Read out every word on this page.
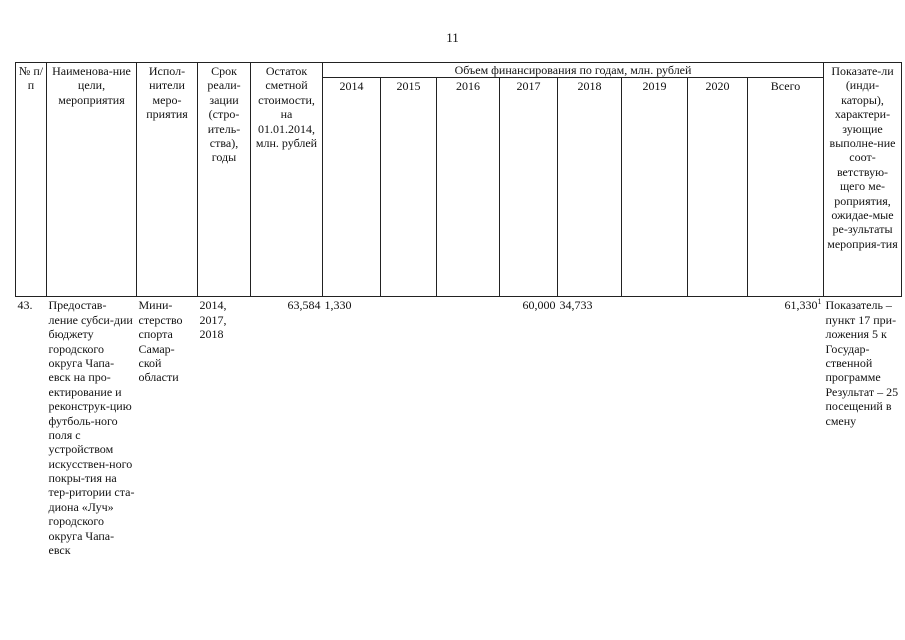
11
№ п/п	Наименова-ние цели, мероприятия	Испол-нители меро-приятия	Срок реали-зации (стро-итель-ства), годы	Остаток сметной стоимости, на 01.01.2014, млн. рублей	Объем финансирования по годам, млн. рублей								Показате-ли (инди-каторы), характери-зующие выполне-ние соот-ветствую-щего ме-роприятия, ожидае-мые ре-зультаты мероприя-тия
					2014	2015	2016	2017	2018	2019	2020	Всего	
43.	Предостав-ление субси-дии бюджету городского округа Чапа-евск на про-ектирование и реконструк-цию футболь-ного поля с устройством искусствен-ного покры-тия на тер-ритории ста-диона «Луч» городского округа Чапа-евск	Мини-стерство спорта Самар-ской области	2014, 2017, 2018	63,584	1,330			60,000	34,733			61,330$^1$	Показатель – пункт 17 при-ложения 5 к Государ-ственной программе Результат – 25 посещений в смену
